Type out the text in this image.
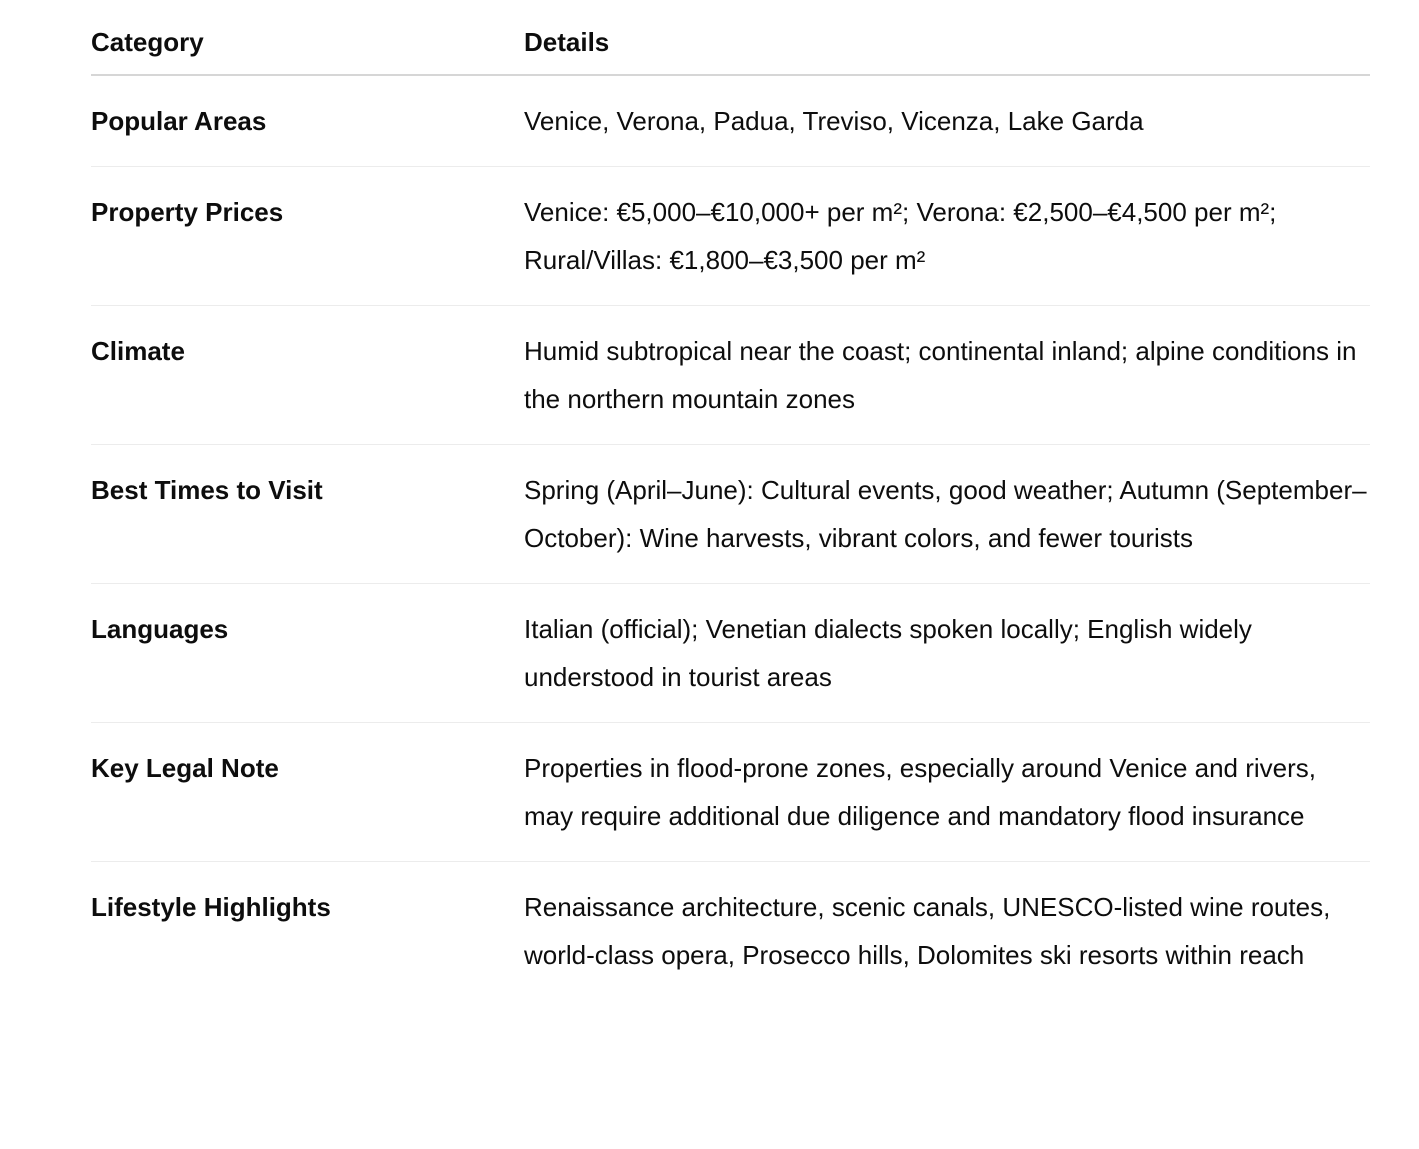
Category	Details
Popular Areas	Venice, Verona, Padua, Treviso, Vicenza, Lake Garda
Property Prices	Venice: €5,000–€10,000+ per m²; Verona: €2,500–€4,500 per m²; Rural/Villas: €1,800–€3,500 per m²
Climate	Humid subtropical near the coast; continental inland; alpine conditions in the northern mountain zones
Best Times to Visit	Spring (April–June): Cultural events, good weather; Autumn (September–October): Wine harvests, vibrant colors, and fewer tourists
Languages	Italian (official); Venetian dialects spoken locally; English widely understood in tourist areas
Key Legal Note	Properties in flood-prone zones, especially around Venice and rivers, may require additional due diligence and mandatory flood insurance
Lifestyle Highlights	Renaissance architecture, scenic canals, UNESCO-listed wine routes, world-class opera, Prosecco hills, Dolomites ski resorts within reach
